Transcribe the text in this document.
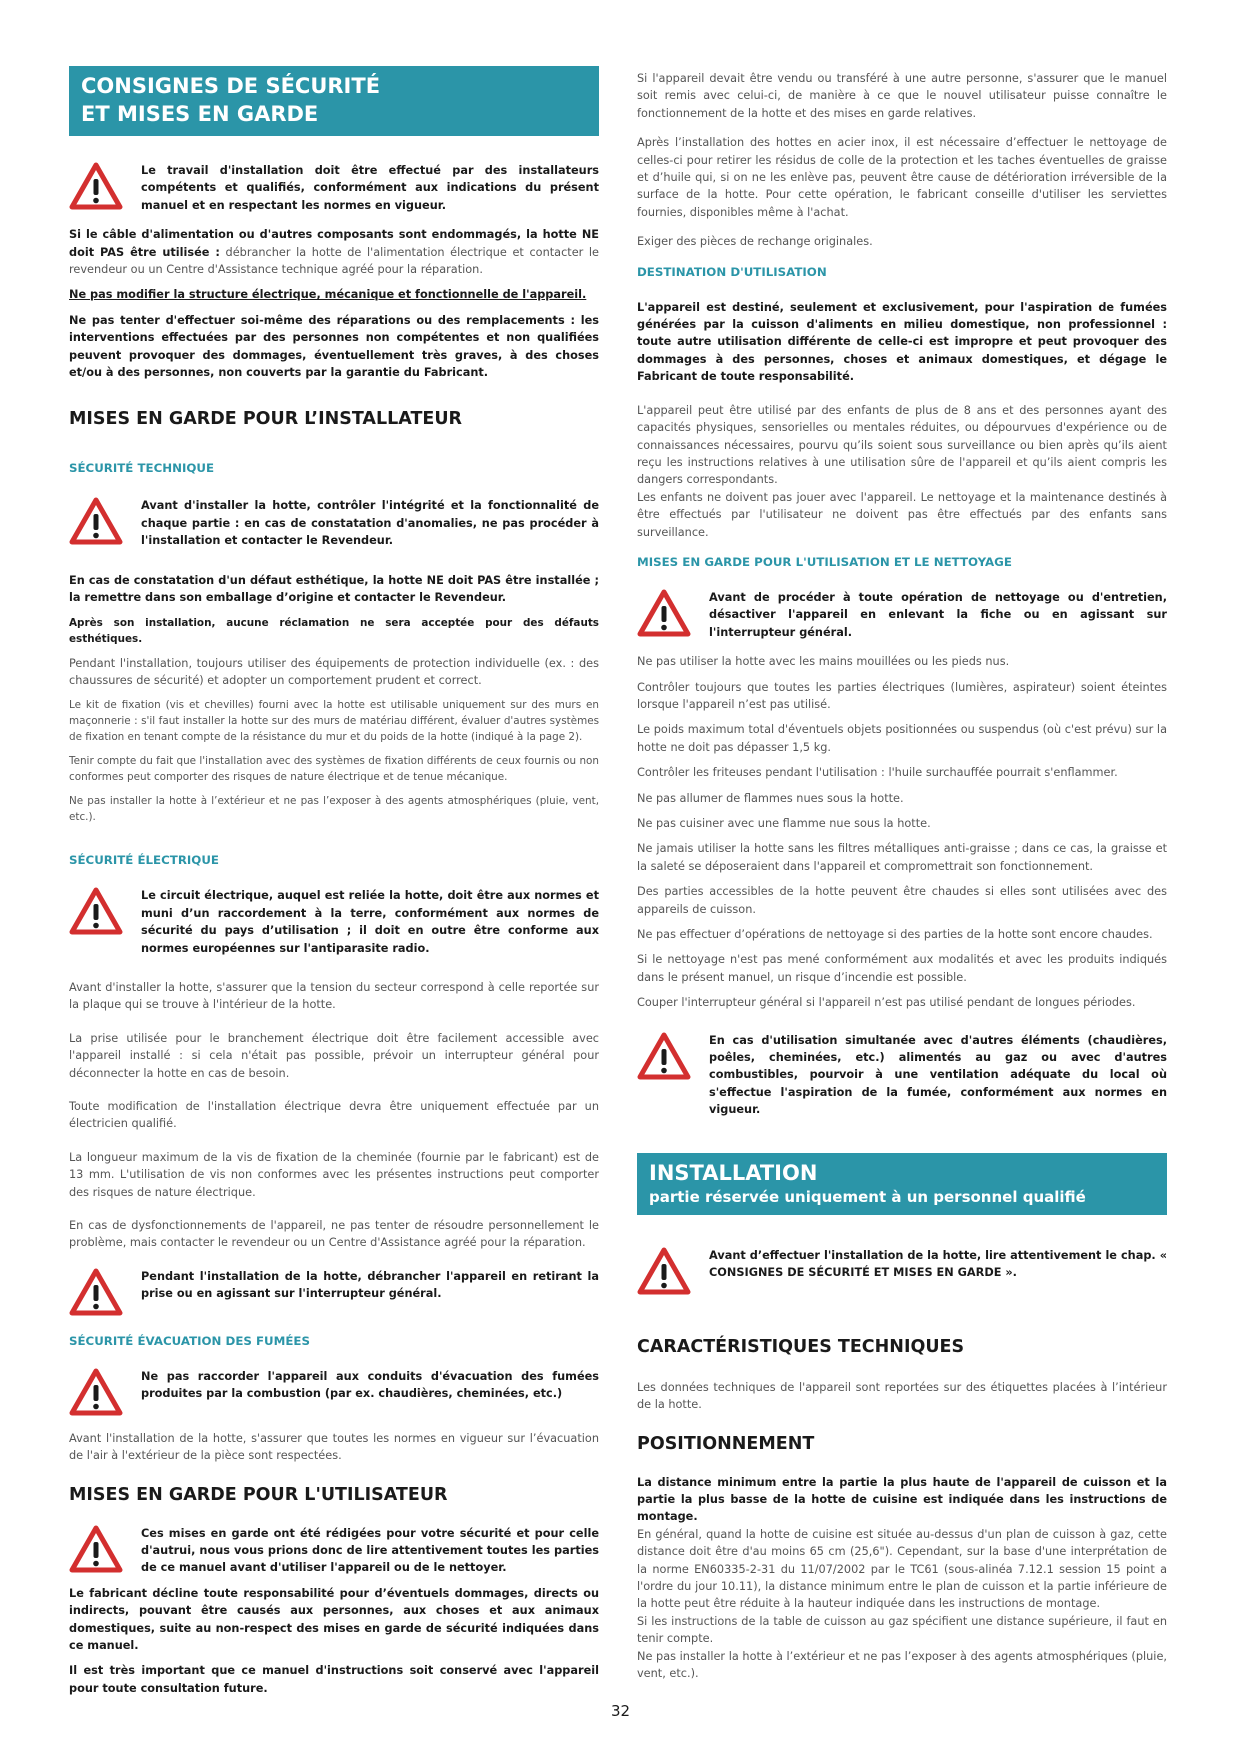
CONSIGNES DE SÉCURITÉ
ET MISES EN GARDE

Le travail d'installation doit être effectué par des installateurs compétents et qualifiés, conformément aux indications du présent manuel et en respectant les normes en vigueur.

Si le câble d'alimentation ou d'autres composants sont endommagés, la hotte NE doit PAS être utilisée : débrancher la hotte de l'alimentation électrique et contacter le revendeur ou un Centre d'Assistance technique agréé pour la réparation.

Ne pas modifier la structure électrique, mécanique et fonctionnelle de l'appareil.

Ne pas tenter d'effectuer soi-même des réparations ou des remplacements : les interventions effectuées par des personnes non compétentes et non qualifiées peuvent provoquer des dommages, éventuellement très graves, à des choses et/ou à des personnes, non couverts par la garantie du Fabricant.

MISES EN GARDE POUR L’INSTALLATEUR
SÉCURITÉ TECHNIQUE

Avant d'installer la hotte, contrôler l'intégrité et la fonctionnalité de chaque partie : en cas de constatation d'anomalies, ne pas procéder à l'installation et contacter le Revendeur.

En cas de constatation d'un défaut esthétique, la hotte NE doit PAS être installée ; la remettre dans son emballage d’origine et contacter le Revendeur.

Après son installation, aucune réclamation ne sera acceptée pour des défauts esthétiques.

Pendant l'installation, toujours utiliser des équipements de protection individuelle (ex. : des chaussures de sécurité) et adopter un comportement prudent et correct.

Le kit de fixation (vis et chevilles) fourni avec la hotte est utilisable uniquement sur des murs en maçonnerie : s'il faut installer la hotte sur des murs de matériau différent, évaluer d'autres systèmes de fixation en tenant compte de la résistance du mur et du poids de la hotte (indiqué à la page 2).

Tenir compte du fait que l'installation avec des systèmes de fixation différents de ceux fournis ou non conformes peut comporter des risques de nature électrique et de tenue mécanique.

Ne pas installer la hotte à l’extérieur et ne pas l’exposer à des agents atmosphériques (pluie, vent, etc.).

SÉCURITÉ ÉLECTRIQUE

Le circuit électrique, auquel est reliée la hotte, doit être aux normes et muni d’un raccordement à la terre, conformément aux normes de sécurité du pays d’utilisation ; il doit en outre être conforme aux normes européennes sur l'antiparasite radio.

Avant d'installer la hotte, s'assurer que la tension du secteur correspond à celle reportée sur la plaque qui se trouve à l'intérieur de la hotte.

La prise utilisée pour le branchement électrique doit être facilement accessible avec l'appareil installé : si cela n'était pas possible, prévoir un interrupteur général pour déconnecter la hotte en cas de besoin.

Toute modification de l'installation électrique devra être uniquement effectuée par un électricien qualifié.

La longueur maximum de la vis de fixation de la cheminée (fournie par le fabricant) est de 13 mm. L'utilisation de vis non conformes avec les présentes instructions peut comporter des risques de nature électrique.

En cas de dysfonctionnements de l'appareil, ne pas tenter de résoudre personnellement le problème, mais contacter le revendeur ou un Centre d'Assistance agréé pour la réparation.

Pendant l'installation de la hotte, débrancher l'appareil en retirant la prise ou en agissant sur l'interrupteur général.

SÉCURITÉ ÉVACUATION DES FUMÉES

Ne pas raccorder l'appareil aux conduits d'évacuation des fumées produites par la combustion (par ex. chaudières, cheminées, etc.)

Avant l'installation de la hotte, s'assurer que toutes les normes en vigueur sur l’évacuation de l'air à l'extérieur de la pièce sont respectées.

MISES EN GARDE POUR L'UTILISATEUR

Ces mises en garde ont été rédigées pour votre sécurité et pour celle d'autrui, nous vous prions donc de lire attentivement toutes les parties de ce manuel avant d'utiliser l'appareil ou de le nettoyer.

Le fabricant décline toute responsabilité pour d’éventuels dommages, directs ou indirects, pouvant être causés aux personnes, aux choses et aux animaux domestiques, suite au non-respect des mises en garde de sécurité indiquées dans ce manuel.

Il est très important que ce manuel d'instructions soit conservé avec l'appareil pour toute consultation future.

Si l'appareil devait être vendu ou transféré à une autre personne, s'assurer que le manuel soit remis avec celui-ci, de manière à ce que le nouvel utilisateur puisse connaître le fonctionnement de la hotte et des mises en garde relatives.

Après l’installation des hottes en acier inox, il est nécessaire d’effectuer le nettoyage de celles-ci pour retirer les résidus de colle de la protection et les taches éventuelles de graisse et d’huile qui, si on ne les enlève pas, peuvent être cause de détérioration irréversible de la surface de la hotte. Pour cette opération, le fabricant conseille d'utiliser les serviettes fournies, disponibles même à l'achat.

Exiger des pièces de rechange originales.

DESTINATION D'UTILISATION

L'appareil est destiné, seulement et exclusivement, pour l'aspiration de fumées générées par la cuisson d'aliments en milieu domestique, non professionnel : toute autre utilisation différente de celle-ci est impropre et peut provoquer des dommages à des personnes, choses et animaux domestiques, et dégage le Fabricant de toute responsabilité.

L'appareil peut être utilisé par des enfants de plus de 8 ans et des personnes ayant des capacités physiques, sensorielles ou mentales réduites, ou dépourvues d'expérience ou de connaissances nécessaires, pourvu qu’ils soient sous surveillance ou bien après qu’ils aient reçu les instructions relatives à une utilisation sûre de l'appareil et qu’ils aient compris les dangers correspondants.

Les enfants ne doivent pas jouer avec l'appareil. Le nettoyage et la maintenance destinés à être effectués par l'utilisateur ne doivent pas être effectués par des enfants sans surveillance.

MISES EN GARDE POUR L'UTILISATION ET LE NETTOYAGE

Avant de procéder à toute opération de nettoyage ou d'entretien, désactiver l'appareil en enlevant la fiche ou en agissant sur l'interrupteur général.

Ne pas utiliser la hotte avec les mains mouillées ou les pieds nus.

Contrôler toujours que toutes les parties électriques (lumières, aspirateur) soient éteintes lorsque l'appareil n’est pas utilisé.

Le poids maximum total d'éventuels objets positionnées ou suspendus (où c'est prévu) sur la hotte ne doit pas dépasser 1,5 kg.

Contrôler les friteuses pendant l'utilisation : l'huile surchauffée pourrait s'enflammer.

Ne pas allumer de flammes nues sous la hotte.

Ne pas cuisiner avec une flamme nue sous la hotte.

Ne jamais utiliser la hotte sans les filtres métalliques anti-graisse ; dans ce cas, la graisse et la saleté se déposeraient dans l'appareil et compromettrait son fonctionnement.

Des parties accessibles de la hotte peuvent être chaudes si elles sont utilisées avec des appareils de cuisson.

Ne pas effectuer d’opérations de nettoyage si des parties de la hotte sont encore chaudes.

Si le nettoyage n'est pas mené conformément aux modalités et avec les produits indiqués dans le présent manuel, un risque d’incendie est possible.

Couper l'interrupteur général si l'appareil n’est pas utilisé pendant de longues périodes.

En cas d'utilisation simultanée avec d'autres éléments (chaudières, poêles, cheminées, etc.) alimentés au gaz ou avec d'autres combustibles, pourvoir à une ventilation adéquate du local où s'effectue l'aspiration de la fumée, conformément aux normes en vigueur.

INSTALLATION
partie réservée uniquement à un personnel qualifié

Avant d’effectuer l'installation de la hotte, lire attentivement le chap. « CONSIGNES DE SÉCURITÉ ET MISES EN GARDE ».

CARACTÉRISTIQUES TECHNIQUES

Les données techniques de l'appareil sont reportées sur des étiquettes placées à l’intérieur de la hotte.

POSITIONNEMENT

La distance minimum entre la partie la plus haute de l'appareil de cuisson et la partie la plus basse de la hotte de cuisine est indiquée dans les instructions de montage.

En général, quand la hotte de cuisine est située au-dessus d'un plan de cuisson à gaz, cette distance doit être d'au moins 65 cm (25,6"). Cependant, sur la base d'une interprétation de la norme EN60335-2-31 du 11/07/2002 par le TC61 (sous-alinéa 7.12.1 session 15 point a l'ordre du jour 10.11), la distance minimum entre le plan de cuisson et la partie inférieure de la hotte peut être réduite à la hauteur indiquée dans les instructions de montage.

Si les instructions de la table de cuisson au gaz spécifient une distance supérieure, il faut en tenir compte.

Ne pas installer la hotte à l’extérieur et ne pas l’exposer à des agents atmosphériques (pluie, vent, etc.).

32
